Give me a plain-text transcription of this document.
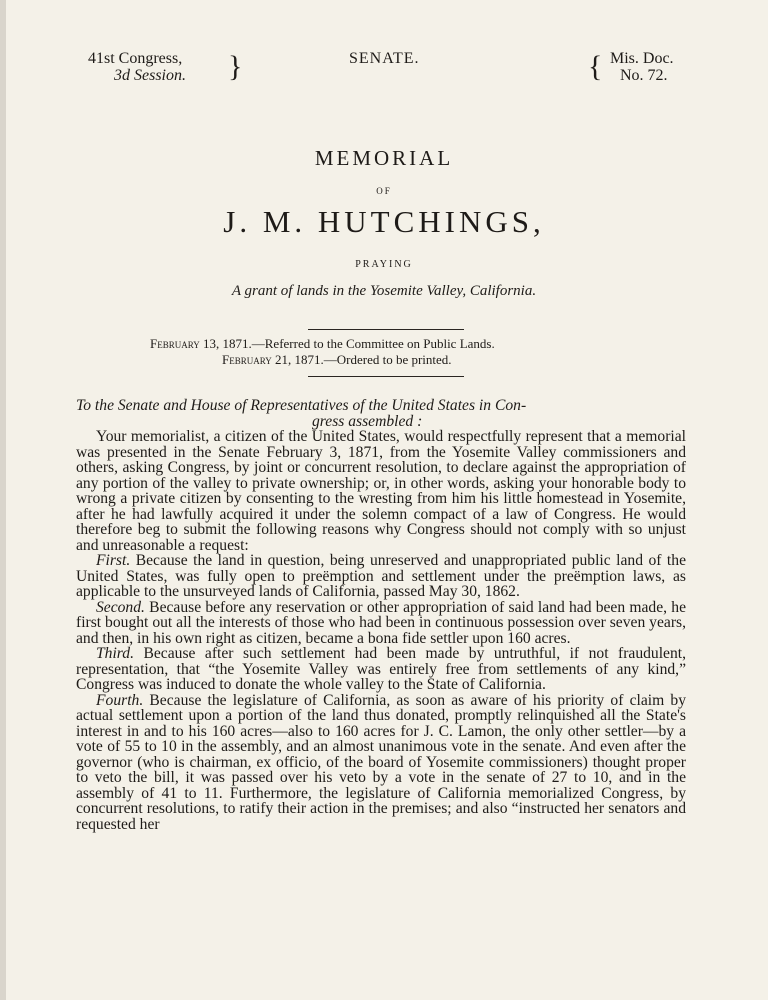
41st Congress,
3d Session. }	SENATE.	{ Mis. Doc.
No. 72.
MEMORIAL
OF
J. M. HUTCHINGS,
PRAYING
A grant of lands in the Yosemite Valley, California.
February 13, 1871.—Referred to the Committee on Public Lands.
February 21, 1871.—Ordered to be printed.

To the Senate and House of Representatives of the United States in Con-
gress assembled :

Your memorialist, a citizen of the United States, would respectfully represent that a memorial was presented in the Senate February 3, 1871, from the Yosemite Valley commissioners and others, asking Congress, by joint or concurrent resolution, to declare against the appropriation of any portion of the valley to private ownership; or, in other words, asking your honorable body to wrong a private citizen by consenting to the wresting from him his little homestead in Yosemite, after he had lawfully acquired it under the solemn compact of a law of Congress. He would therefore beg to submit the following reasons why Congress should not comply with so unjust and unreasonable a request:

First. Because the land in question, being unreserved and unappropriated public land of the United States, was fully open to preëmption and settlement under the preëmption laws, as applicable to the unsurveyed lands of California, passed May 30, 1862.

Second. Because before any reservation or other appropriation of said land had been made, he first bought out all the interests of those who had been in continuous possession over seven years, and then, in his own right as citizen, became a bona fide settler upon 160 acres.

Third. Because after such settlement had been made by untruthful, if not fraudulent, representation, that “the Yosemite Valley was entirely free from settlements of any kind,” Congress was induced to donate the whole valley to the State of California.

Fourth. Because the legislature of California, as soon as aware of his priority of claim by actual settlement upon a portion of the land thus donated, promptly relinquished all the State's interest in and to his 160 acres—also to 160 acres for J. C. Lamon, the only other settler—by a vote of 55 to 10 in the assembly, and an almost unanimous vote in the senate. And even after the governor (who is chairman, ex officio, of the board of Yosemite commissioners) thought proper to veto the bill, it was passed over his veto by a vote in the senate of 27 to 10, and in the assembly of 41 to 11. Furthermore, the legislature of California memorialized Congress, by concurrent resolutions, to ratify their action in the premises; and also “instructed her senators and requested her
